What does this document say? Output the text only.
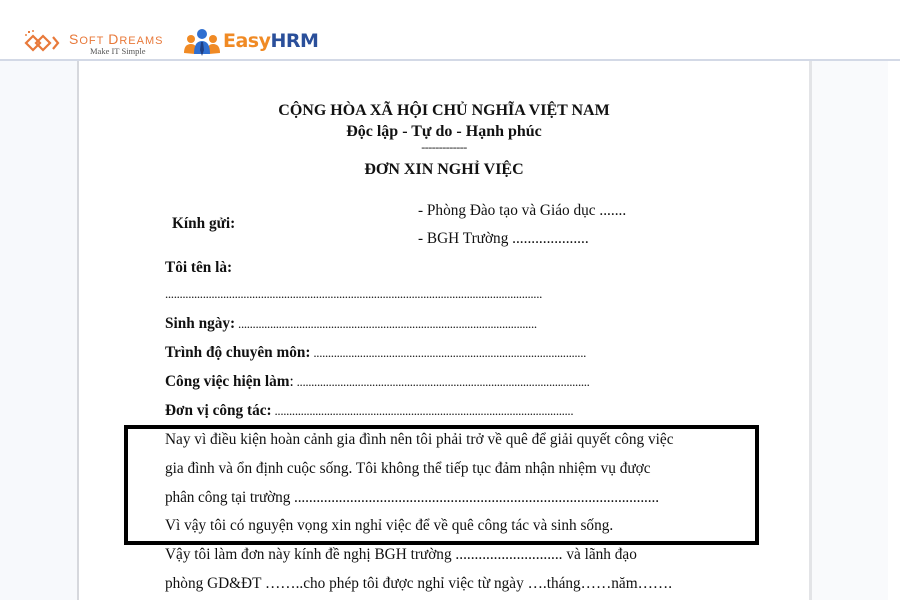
SOFT DREAMS
Make IT Simple	EasyHRM
CỘNG HÒA XÃ HỘI CHỦ NGHĨA VIỆT NAM
Độc lập - Tự do - Hạnh phúc
-------------
ĐƠN XIN NGHỈ VIỆC
Kính gửi:
- Phòng Đào tạo và Giáo dục .......
- BGH Trường ....................
Tôi tên là:
..................................................................................................................................
Sinh ngày: .......................................................................................................
Trình độ chuyên môn: ..............................................................................................
Công việc hiện làm: .....................................................................................................
Đơn vị công tác: .......................................................................................................
Nay vì điều kiện hoàn cảnh gia đình nên tôi phải trở về quê để giải quyết công việc
gia đình và ổn định cuộc sống. Tôi không thể tiếp tục đảm nhận nhiệm vụ được
phân công tại trường ..................................................................................................
Vì vậy tôi có nguyện vọng xin nghỉ việc để về quê công tác và sinh sống.
Vậy tôi làm đơn này kính đề nghị BGH trường ............................ và lãnh đạo
phòng GD&ĐT ……..cho phép tôi được nghỉ việc từ ngày ….tháng……năm…….
